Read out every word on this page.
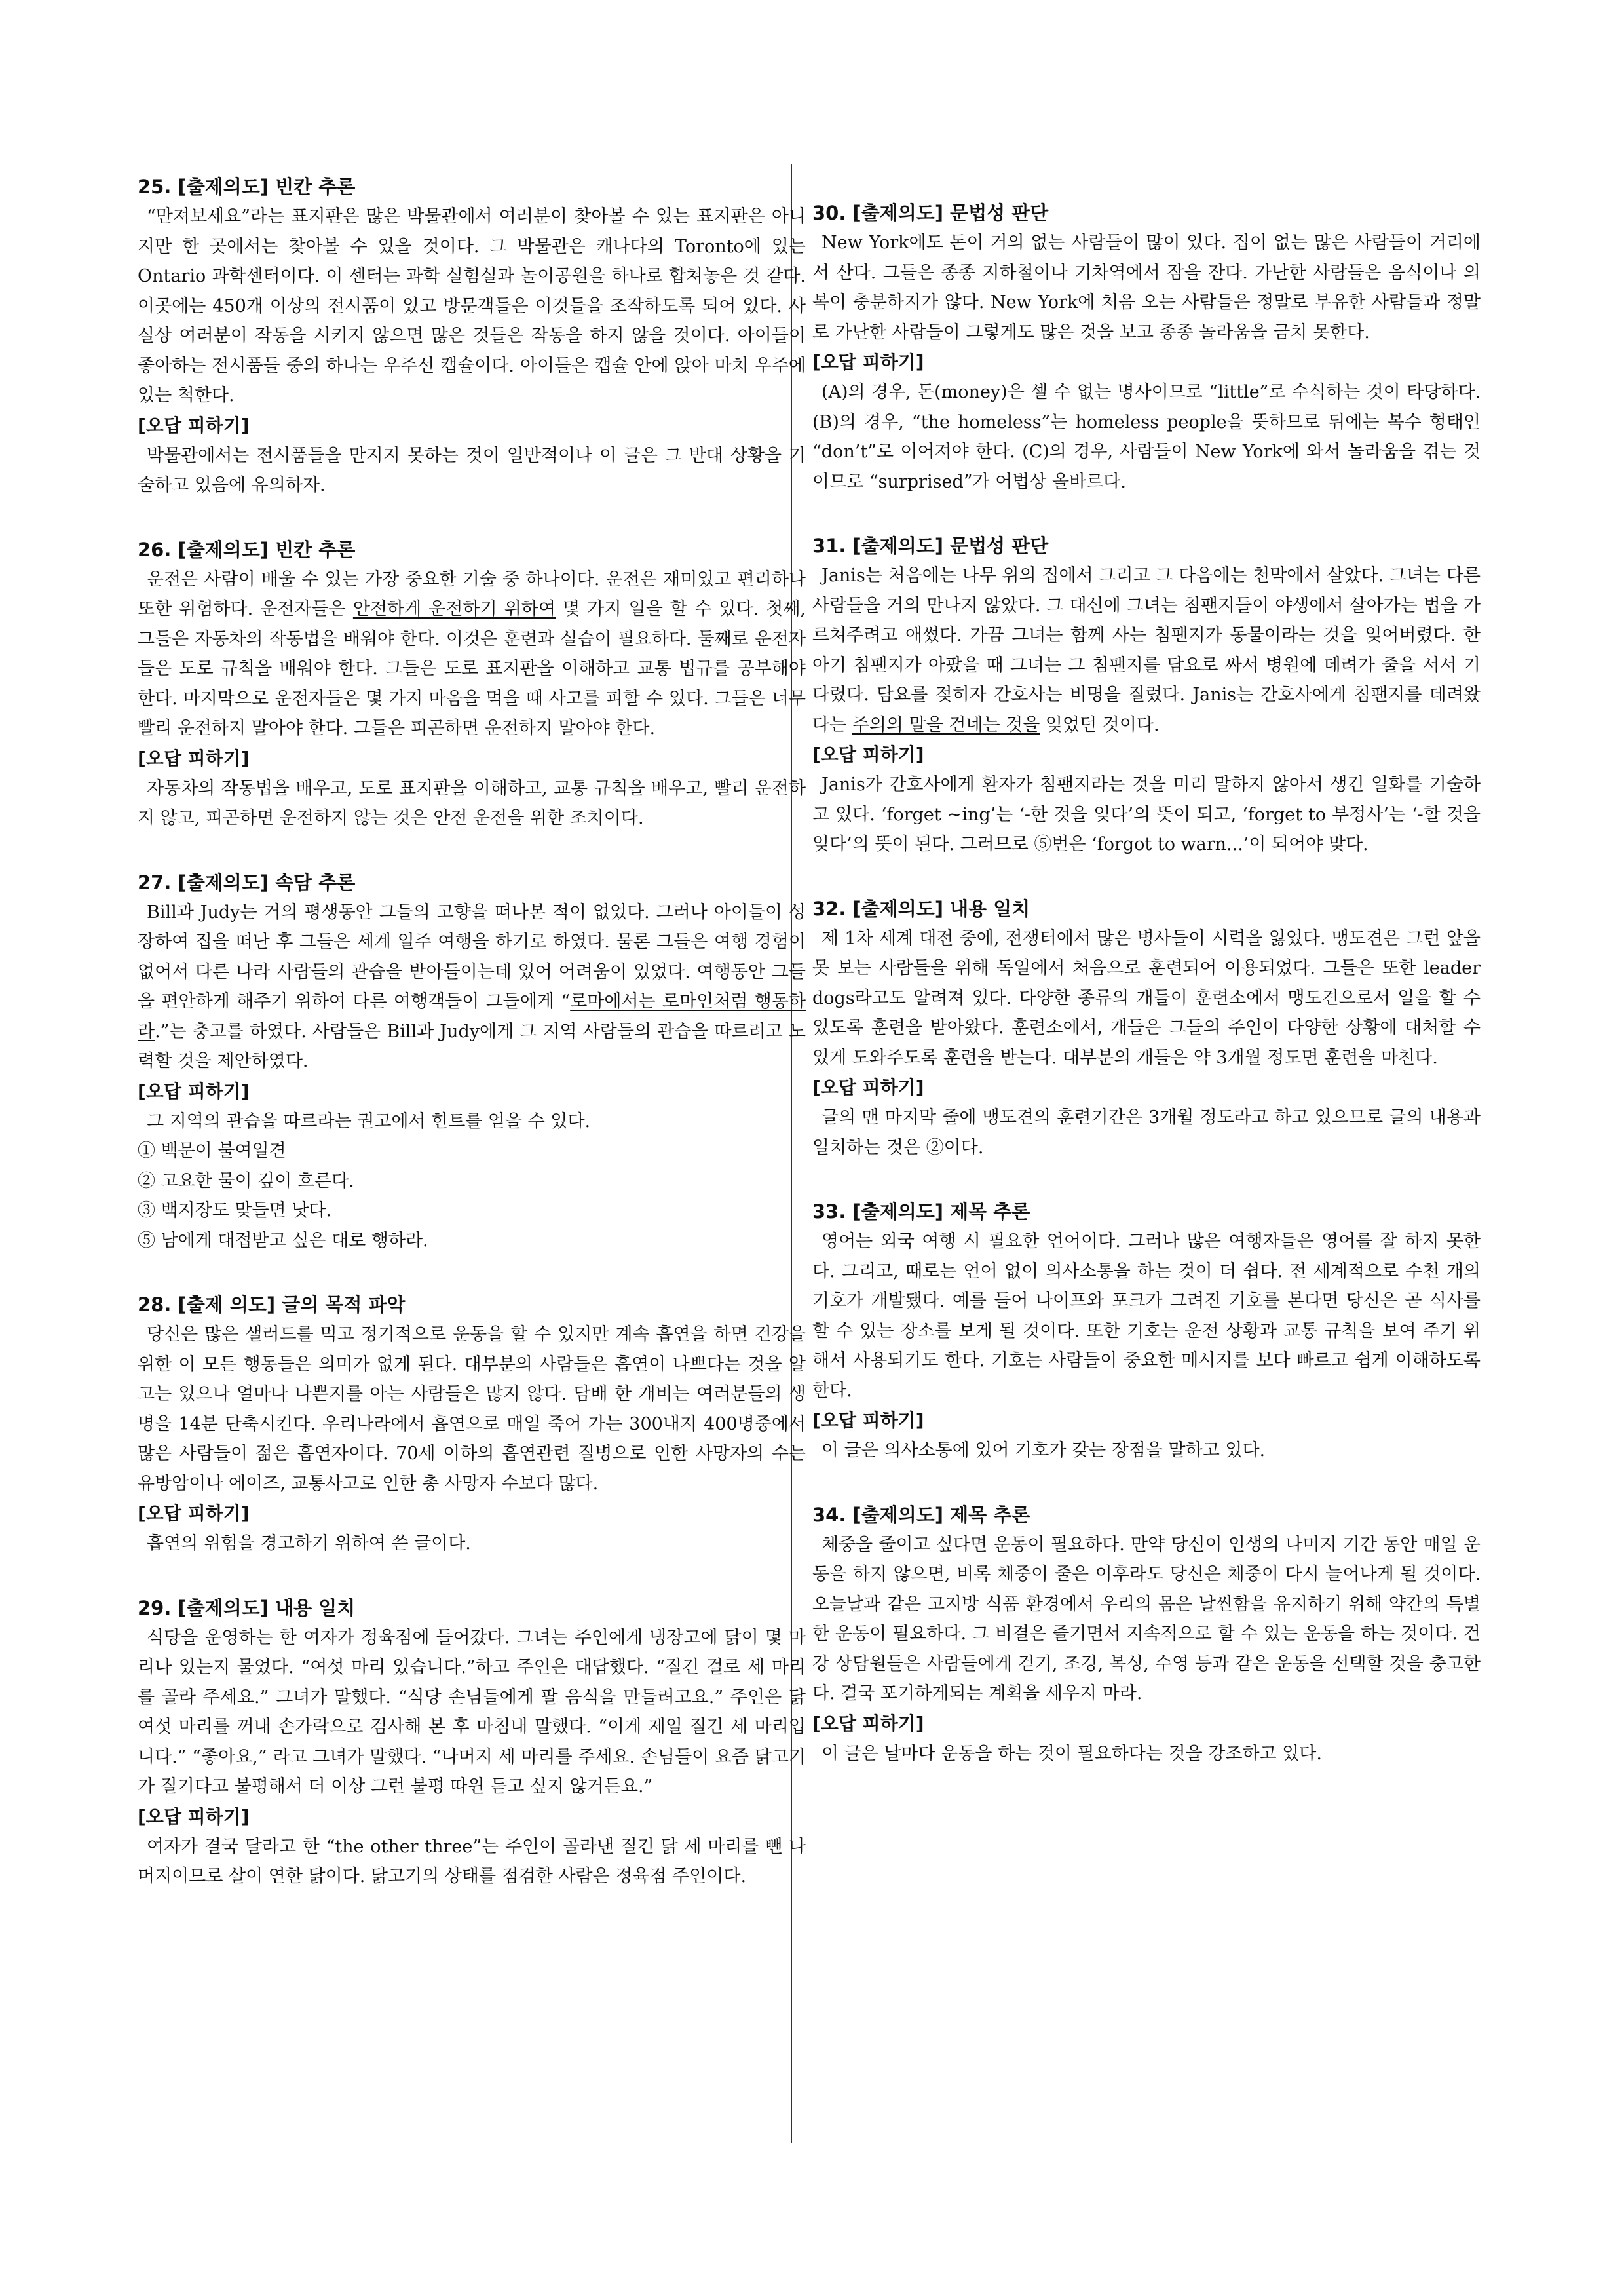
25. [출제의도] 빈칸 추론

“만져보세요”라는 표지판은 많은 박물관에서 여러분이 찾아볼 수 있는 표지판은 아니지만 한 곳에서는 찾아볼 수 있을 것이다. 그 박물관은 캐나다의 Toronto에 있는 Ontario 과학센터이다. 이 센터는 과학 실험실과 놀이공원을 하나로 합쳐놓은 것 같다. 이곳에는 450개 이상의 전시품이 있고 방문객들은 이것들을 조작하도록 되어 있다. 사실상 여러분이 작동을 시키지 않으면 많은 것들은 작동을 하지 않을 것이다. 아이들이 좋아하는 전시품들 중의 하나는 우주선 캡슐이다. 아이들은 캡슐 안에 앉아 마치 우주에 있는 척한다.

[오답 피하기]

박물관에서는 전시품들을 만지지 못하는 것이 일반적이나 이 글은 그 반대 상황을 기술하고 있음에 유의하자.

26. [출제의도] 빈칸 추론

운전은 사람이 배울 수 있는 가장 중요한 기술 중 하나이다. 운전은 재미있고 편리하나 또한 위험하다. 운전자들은 안전하게 운전하기 위하여 몇 가지 일을 할 수 있다. 첫째, 그들은 자동차의 작동법을 배워야 한다. 이것은 훈련과 실습이 필요하다. 둘째로 운전자들은 도로 규칙을 배워야 한다. 그들은 도로 표지판을 이해하고 교통 법규를 공부해야 한다. 마지막으로 운전자들은 몇 가지 마음을 먹을 때 사고를 피할 수 있다. 그들은 너무 빨리 운전하지 말아야 한다. 그들은 피곤하면 운전하지 말아야 한다.

[오답 피하기]

자동차의 작동법을 배우고, 도로 표지판을 이해하고, 교통 규칙을 배우고, 빨리 운전하지 않고, 피곤하면 운전하지 않는 것은 안전 운전을 위한 조치이다.

27. [출제의도] 속담 추론

Bill과 Judy는 거의 평생동안 그들의 고향을 떠나본 적이 없었다. 그러나 아이들이 성장하여 집을 떠난 후 그들은 세계 일주 여행을 하기로 하였다. 물론 그들은 여행 경험이 없어서 다른 나라 사람들의 관습을 받아들이는데 있어 어려움이 있었다. 여행동안 그들을 편안하게 해주기 위하여 다른 여행객들이 그들에게 “로마에서는 로마인처럼 행동하라.”는 충고를 하였다. 사람들은 Bill과 Judy에게 그 지역 사람들의 관습을 따르려고 노력할 것을 제안하였다.

[오답 피하기]

그 지역의 관습을 따르라는 권고에서 힌트를 얻을 수 있다.

① 백문이 불여일견
② 고요한 물이 깊이 흐른다.
③ 백지장도 맞들면 낫다.
⑤ 남에게 대접받고 싶은 대로 행하라.

28. [출제 의도] 글의 목적 파악

당신은 많은 샐러드를 먹고 정기적으로 운동을 할 수 있지만 계속 흡연을 하면 건강을 위한 이 모든 행동들은 의미가 없게 된다. 대부분의 사람들은 흡연이 나쁘다는 것을 알고는 있으나 얼마나 나쁜지를 아는 사람들은 많지 않다. 담배 한 개비는 여러분들의 생명을 14분 단축시킨다. 우리나라에서 흡연으로 매일 죽어 가는 300내지 400명중에서 많은 사람들이 젊은 흡연자이다. 70세 이하의 흡연관련 질병으로 인한 사망자의 수는 유방암이나 에이즈, 교통사고로 인한 총 사망자 수보다 많다.

[오답 피하기]

흡연의 위험을 경고하기 위하여 쓴 글이다.

29. [출제의도] 내용 일치

식당을 운영하는 한 여자가 정육점에 들어갔다. 그녀는 주인에게 냉장고에 닭이 몇 마리나 있는지 물었다. “여섯 마리 있습니다.”하고 주인은 대답했다. “질긴 걸로 세 마리를 골라 주세요.” 그녀가 말했다. “식당 손님들에게 팔 음식을 만들려고요.” 주인은 닭 여섯 마리를 꺼내 손가락으로 검사해 본 후 마침내 말했다. “이게 제일 질긴 세 마리입니다.” “좋아요,” 라고 그녀가 말했다. “나머지 세 마리를 주세요. 손님들이 요즘 닭고기가 질기다고 불평해서 더 이상 그런 불평 따윈 듣고 싶지 않거든요.”

[오답 피하기]

여자가 결국 달라고 한 “the other three”는 주인이 골라낸 질긴 닭 세 마리를 뺀 나머지이므로 살이 연한 닭이다. 닭고기의 상태를 점검한 사람은 정육점 주인이다.

30. [출제의도] 문법성 판단

New York에도 돈이 거의 없는 사람들이 많이 있다. 집이 없는 많은 사람들이 거리에서 산다. 그들은 종종 지하철이나 기차역에서 잠을 잔다. 가난한 사람들은 음식이나 의복이 충분하지가 않다. New York에 처음 오는 사람들은 정말로 부유한 사람들과 정말로 가난한 사람들이 그렇게도 많은 것을 보고 종종 놀라움을 금치 못한다.

[오답 피하기]

(A)의 경우, 돈(money)은 셀 수 없는 명사이므로 “little”로 수식하는 것이 타당하다. (B)의 경우, “the homeless”는 homeless people을 뜻하므로 뒤에는 복수 형태인 “don’t”로 이어져야 한다. (C)의 경우, 사람들이 New York에 와서 놀라움을 겪는 것이므로 “surprised”가 어법상 올바르다.

31. [출제의도] 문법성 판단

Janis는 처음에는 나무 위의 집에서 그리고 그 다음에는 천막에서 살았다. 그녀는 다른 사람들을 거의 만나지 않았다. 그 대신에 그녀는 침팬지들이 야생에서 살아가는 법을 가르쳐주려고 애썼다. 가끔 그녀는 함께 사는 침팬지가 동물이라는 것을 잊어버렸다. 한 아기 침팬지가 아팠을 때 그녀는 그 침팬지를 담요로 싸서 병원에 데려가 줄을 서서 기다렸다. 담요를 젖히자 간호사는 비명을 질렀다. Janis는 간호사에게 침팬지를 데려왔다는 주의의 말을 건네는 것을 잊었던 것이다.

[오답 피하기]

Janis가 간호사에게 환자가 침팬지라는 것을 미리 말하지 않아서 생긴 일화를 기술하고 있다. ‘forget ~ing’는 ‘-한 것을 잊다’의 뜻이 되고, ‘forget to 부정사’는 ‘-할 것을 잊다’의 뜻이 된다. 그러므로 ⑤번은 ‘forgot to warn...’이 되어야 맞다.

32. [출제의도] 내용 일치

제 1차 세계 대전 중에, 전쟁터에서 많은 병사들이 시력을 잃었다. 맹도견은 그런 앞을 못 보는 사람들을 위해 독일에서 처음으로 훈련되어 이용되었다. 그들은 또한 leader dogs라고도 알려져 있다. 다양한 종류의 개들이 훈련소에서 맹도견으로서 일을 할 수 있도록 훈련을 받아왔다. 훈련소에서, 개들은 그들의 주인이 다양한 상황에 대처할 수 있게 도와주도록 훈련을 받는다. 대부분의 개들은 약 3개월 정도면 훈련을 마친다.

[오답 피하기]

글의 맨 마지막 줄에 맹도견의 훈련기간은 3개월 정도라고 하고 있으므로 글의 내용과 일치하는 것은 ②이다.

33. [출제의도] 제목 추론

영어는 외국 여행 시 필요한 언어이다. 그러나 많은 여행자들은 영어를 잘 하지 못한다. 그리고, 때로는 언어 없이 의사소통을 하는 것이 더 쉽다. 전 세계적으로 수천 개의 기호가 개발됐다. 예를 들어 나이프와 포크가 그려진 기호를 본다면 당신은 곧 식사를 할 수 있는 장소를 보게 될 것이다. 또한 기호는 운전 상황과 교통 규칙을 보여 주기 위해서 사용되기도 한다. 기호는 사람들이 중요한 메시지를 보다 빠르고 쉽게 이해하도록 한다.

[오답 피하기]

이 글은 의사소통에 있어 기호가 갖는 장점을 말하고 있다.

34. [출제의도] 제목 추론

체중을 줄이고 싶다면 운동이 필요하다. 만약 당신이 인생의 나머지 기간 동안 매일 운동을 하지 않으면, 비록 체중이 줄은 이후라도 당신은 체중이 다시 늘어나게 될 것이다. 오늘날과 같은 고지방 식품 환경에서 우리의 몸은 날씬함을 유지하기 위해 약간의 특별한 운동이 필요하다. 그 비결은 즐기면서 지속적으로 할 수 있는 운동을 하는 것이다. 건강 상담원들은 사람들에게 걷기, 조깅, 복싱, 수영 등과 같은 운동을 선택할 것을 충고한다. 결국 포기하게되는 계획을 세우지 마라.

[오답 피하기]

이 글은 날마다 운동을 하는 것이 필요하다는 것을 강조하고 있다.
